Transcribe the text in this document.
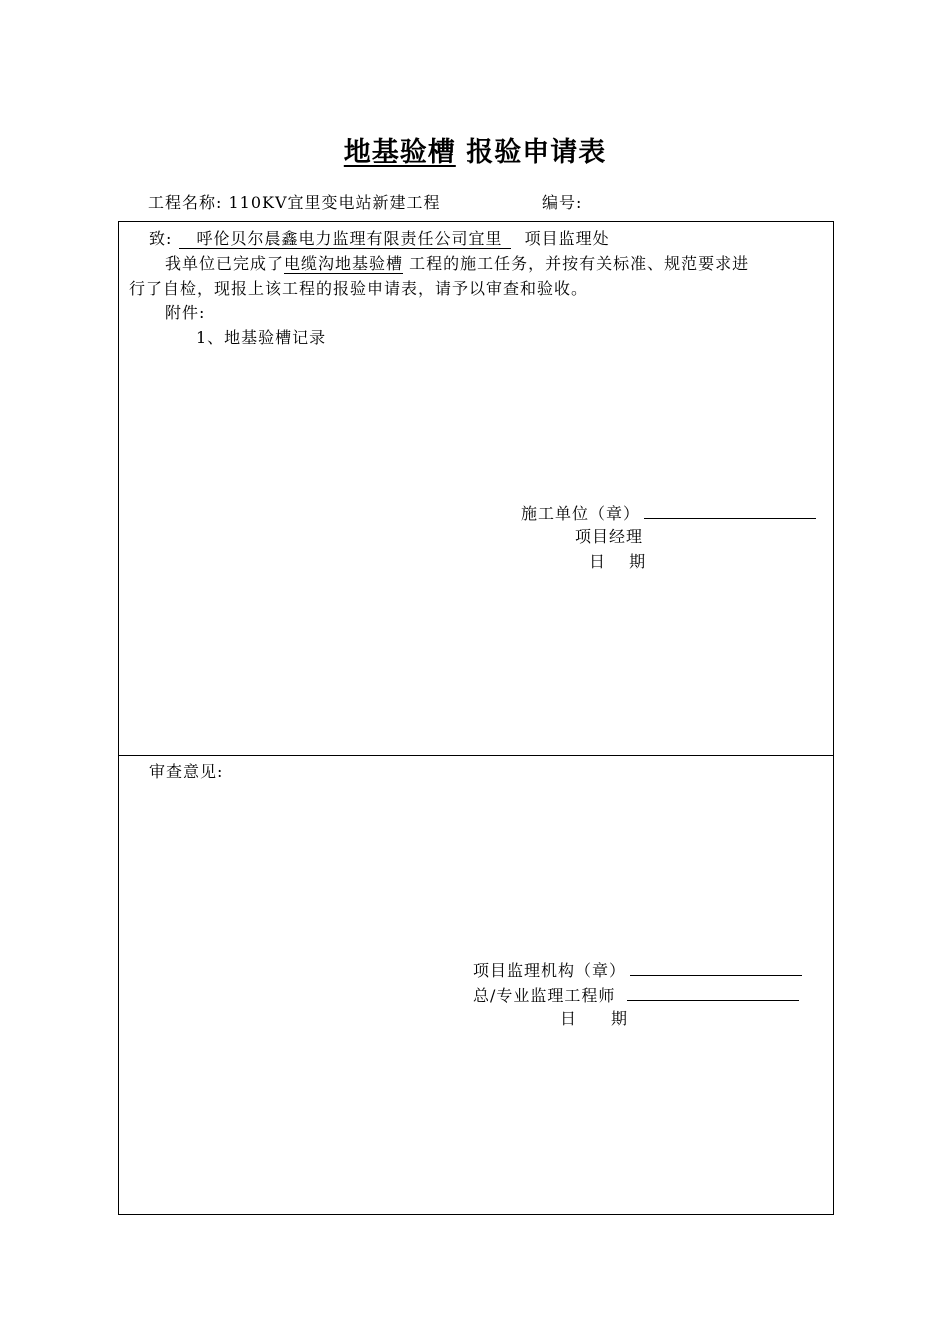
地基验槽 报验申请表
工程名称: 110KV宜里变电站新建工程	编号:
致: 呼伦贝尔晨鑫电力监理有限责任公司宜里 项目监理处
我单位已完成了电缆沟地基验槽 工程的施工任务，并按有关标准、规范要求进
行了自检，现报上该工程的报验申请表，请予以审查和验收。
附件:
1、地基验槽记录
施工单位（章）
项目经理
日　 期
审查意见:
项目监理机构（章）
总/专业监理工程师
日　　期
